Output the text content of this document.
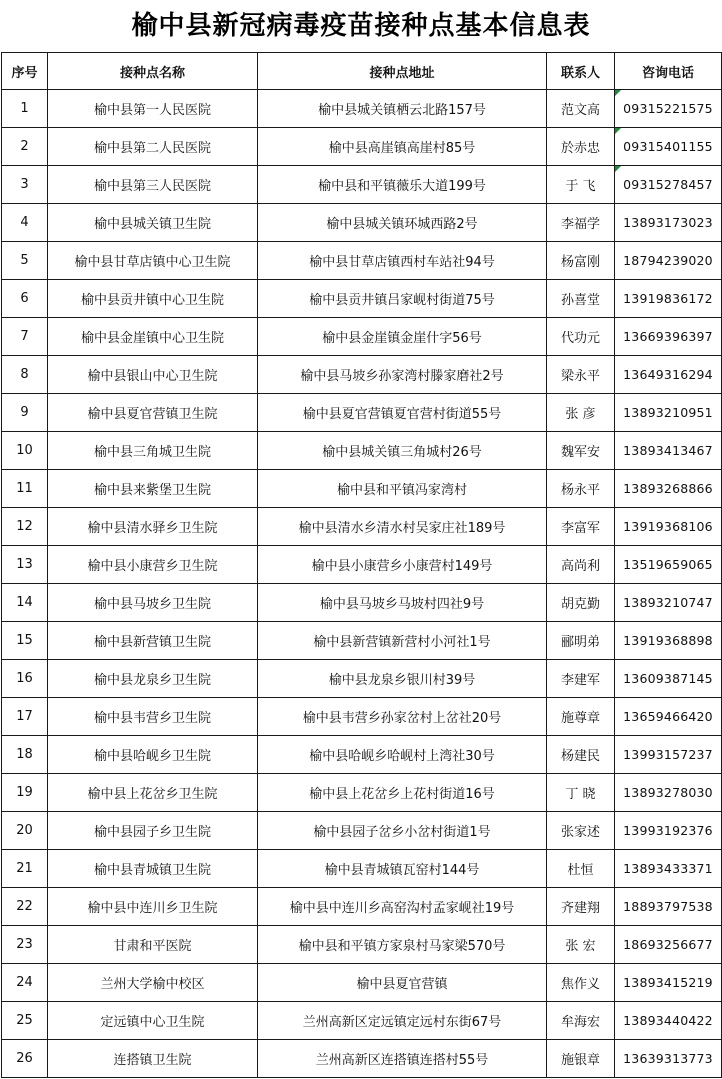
榆中县新冠病毒疫苗接种点基本信息表
序号	接种点名称	接种点地址	联系人	咨询电话
1	榆中县第一人民医院	榆中县城关镇栖云北路157号	范文高	09315221575
2	榆中县第二人民医院	榆中县高崖镇高崖村85号	於赤忠	09315401155
3	榆中县第三人民医院	榆中县和平镇薇乐大道199号	于 飞	09315278457
4	榆中县城关镇卫生院	榆中县城关镇环城西路2号	李福学	13893173023
5	榆中县甘草店镇中心卫生院	榆中县甘草店镇西村车站社94号	杨富刚	18794239020
6	榆中县贡井镇中心卫生院	榆中县贡井镇吕家岘村街道75号	孙喜堂	13919836172
7	榆中县金崖镇中心卫生院	榆中县金崖镇金崖什字56号	代功元	13669396397
8	榆中县银山中心卫生院	榆中县马坡乡孙家湾村滕家磨社2号	梁永平	13649316294
9	榆中县夏官营镇卫生院	榆中县夏官营镇夏官营村街道55号	张 彦	13893210951
10	榆中县三角城卫生院	榆中县城关镇三角城村26号	魏军安	13893413467
11	榆中县来紫堡卫生院	榆中县和平镇冯家湾村	杨永平	13893268866
12	榆中县清水驿乡卫生院	榆中县清水乡清水村吴家庄社189号	李富军	13919368106
13	榆中县小康营乡卫生院	榆中县小康营乡小康营村149号	高尚利	13519659065
14	榆中县马坡乡卫生院	榆中县马坡乡马坡村四社9号	胡克勤	13893210747
15	榆中县新营镇卫生院	榆中县新营镇新营村小河社1号	郦明弟	13919368898
16	榆中县龙泉乡卫生院	榆中县龙泉乡银川村39号	李建军	13609387145
17	榆中县韦营乡卫生院	榆中县韦营乡孙家岔村上岔社20号	施尊章	13659466420
18	榆中县哈岘乡卫生院	榆中县哈岘乡哈岘村上湾社30号	杨建民	13993157237
19	榆中县上花岔乡卫生院	榆中县上花岔乡上花村街道16号	丁 晓	13893278030
20	榆中县园子乡卫生院	榆中县园子岔乡小岔村街道1号	张家述	13993192376
21	榆中县青城镇卫生院	榆中县青城镇瓦窑村144号	杜恒	13893433371
22	榆中县中连川乡卫生院	榆中县中连川乡高窑沟村孟家岘社19号	齐建翔	18893797538
23	甘肃和平医院	榆中县和平镇方家泉村马家梁570号	张 宏	18693256677
24	兰州大学榆中校区	榆中县夏官营镇	焦作义	13893415219
25	定远镇中心卫生院	兰州高新区定远镇定远村东街67号	牟海宏	13893440422
26	连搭镇卫生院	兰州高新区连搭镇连搭村55号	施银章	13639313773
